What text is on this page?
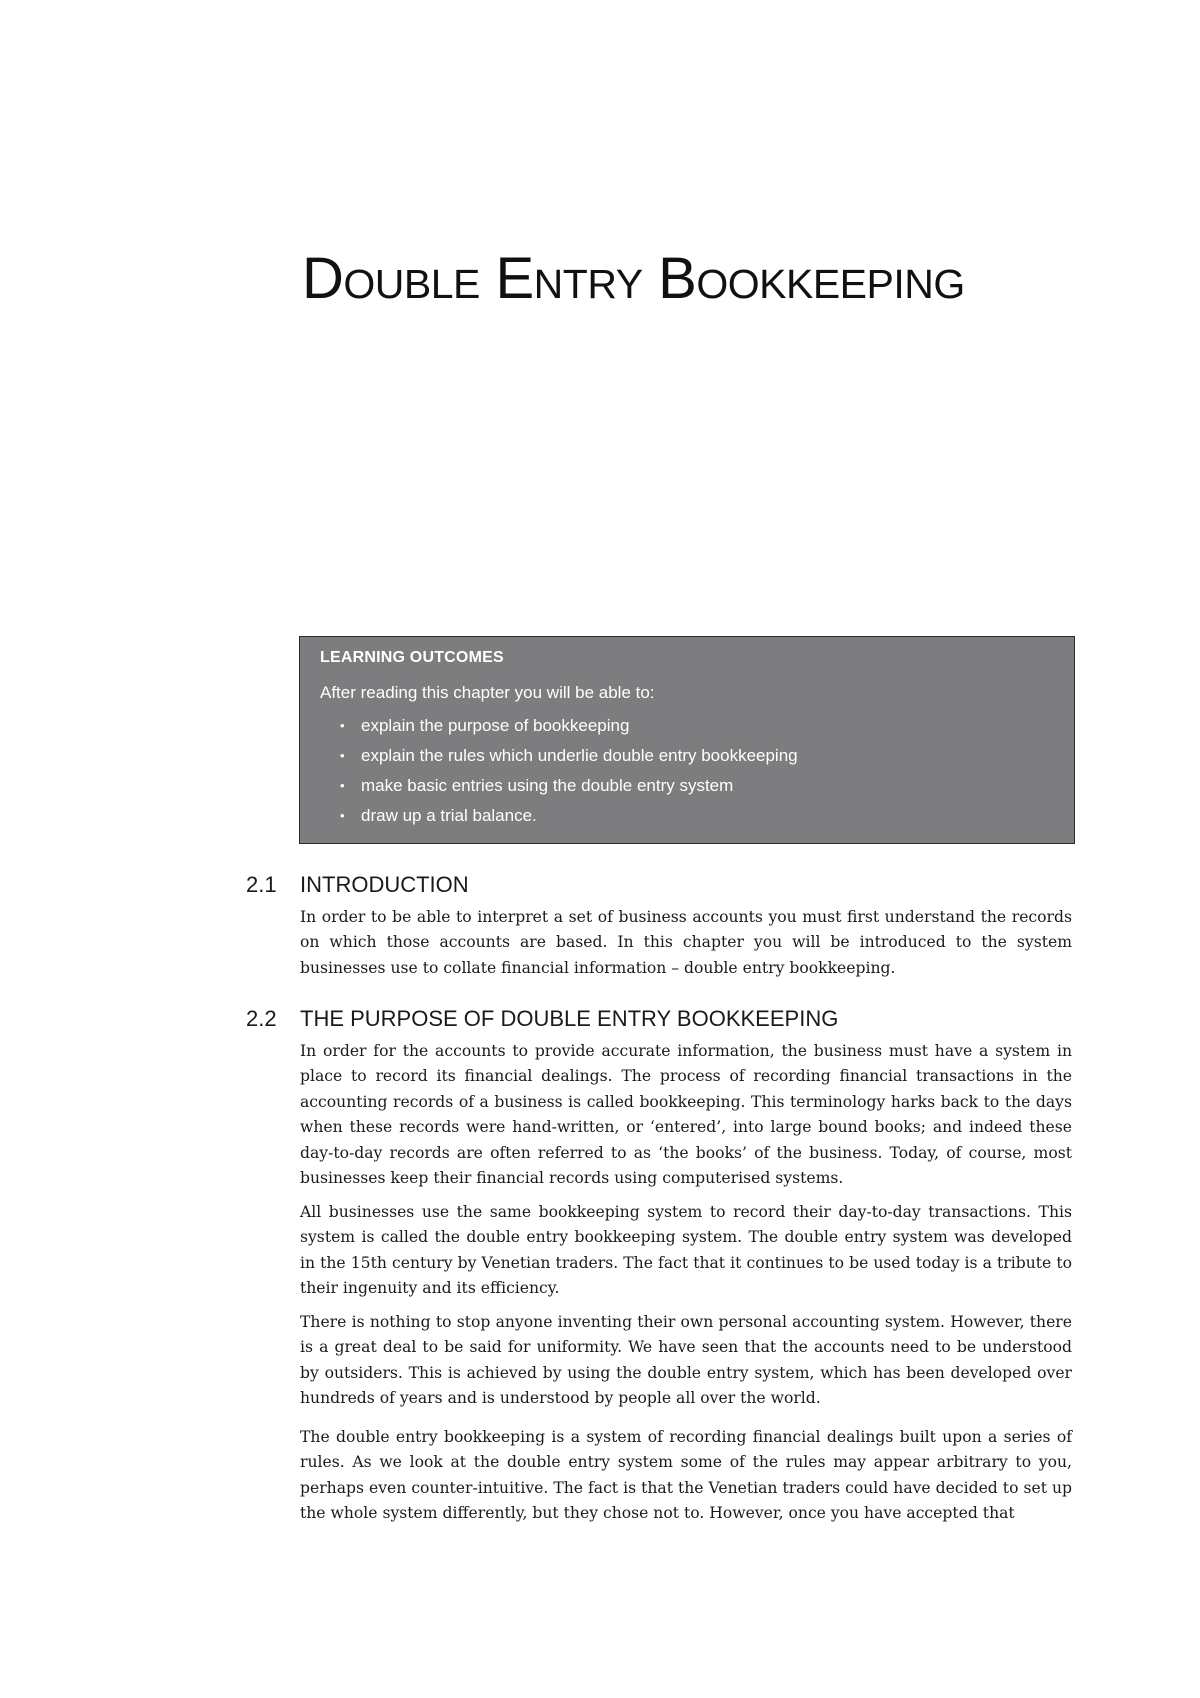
Double Entry Bookkeeping
LEARNING OUTCOMES
After reading this chapter you will be able to:
• explain the purpose of bookkeeping
• explain the rules which underlie double entry bookkeeping
• make basic entries using the double entry system
• draw up a trial balance.
2.1 INTRODUCTION

In order to be able to interpret a set of business accounts you must first understand the records on which those accounts are based. In this chapter you will be introduced to the system businesses use to collate financial information – double entry bookkeeping.

2.2 THE PURPOSE OF DOUBLE ENTRY BOOKKEEPING

In order for the accounts to provide accurate information, the business must have a system in place to record its financial dealings. The process of recording financial transactions in the accounting records of a business is called bookkeeping. This terminology harks back to the days when these records were hand-written, or ‘entered’, into large bound books; and indeed these day-to-day records are often referred to as ‘the books’ of the business. Today, of course, most businesses keep their financial records using computerised systems.

All businesses use the same bookkeeping system to record their day-to-day transactions. This system is called the double entry bookkeeping system. The double entry system was developed in the 15th century by Venetian traders. The fact that it continues to be used today is a tribute to their ingenuity and its efficiency.

There is nothing to stop anyone inventing their own personal accounting system. However, there is a great deal to be said for uniformity. We have seen that the accounts need to be understood by outsiders. This is achieved by using the double entry system, which has been developed over hundreds of years and is understood by people all over the world.

The double entry bookkeeping is a system of recording financial dealings built upon a series of rules. As we look at the double entry system some of the rules may appear arbitrary to you, perhaps even counter-intuitive. The fact is that the Venetian traders could have decided to set up the whole system differently, but they chose not to. However, once you have accepted that
